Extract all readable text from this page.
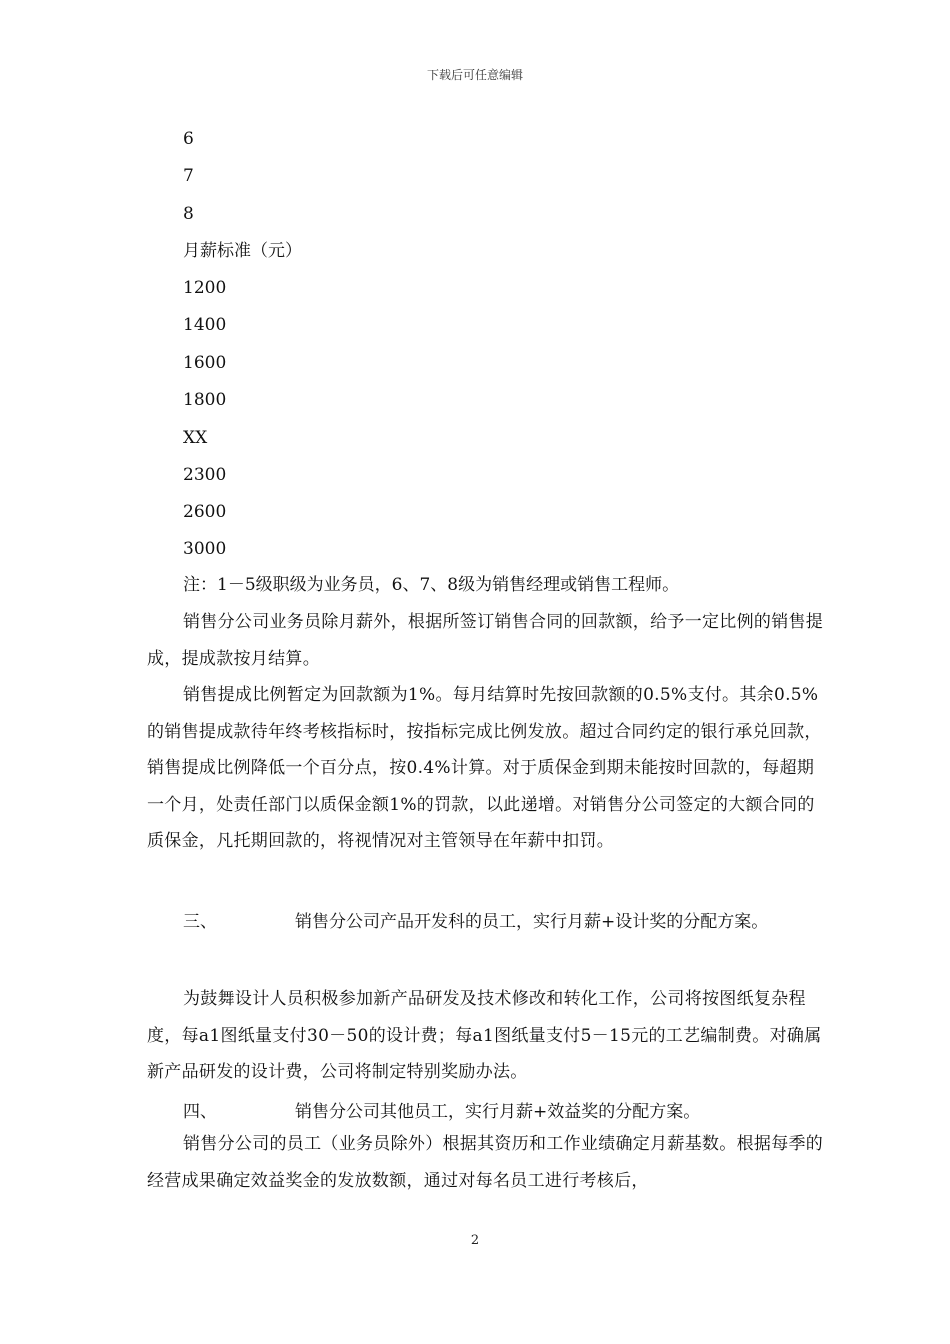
下载后可任意编辑
6
7
8
月薪标准（元）
1200
1400
1600
1800
XX
2300
2600
3000
注：1－5级职级为业务员，6、7、8级为销售经理或销售工程师。
销售分公司业务员除月薪外，根据所签订销售合同的回款额，给予一定比例的销售提成，提成款按月结算。
销售提成比例暂定为回款额为1%。每月结算时先按回款额的0.5%支付。其余0.5%的销售提成款待年终考核指标时，按指标完成比例发放。超过合同约定的银行承兑回款，销售提成比例降低一个百分点，按0.4%计算。对于质保金到期未能按时回款的，每超期一个月，处责任部门以质保金额1%的罚款，以此递增。对销售分公司签定的大额合同的质保金，凡托期回款的，将视情况对主管领导在年薪中扣罚。
三、	销售分公司产品开发科的员工，实行月薪+设计奖的分配方案。
为鼓舞设计人员积极参加新产品研发及技术修改和转化工作，公司将按图纸复杂程度，每a1图纸量支付30－50的设计费；每a1图纸量支付5－15元的工艺编制费。对确属新产品研发的设计费，公司将制定特别奖励办法。
四、	销售分公司其他员工，实行月薪+效益奖的分配方案。
销售分公司的员工（业务员除外）根据其资历和工作业绩确定月薪基数。根据每季的经营成果确定效益奖金的发放数额，通过对每名员工进行考核后，
2
